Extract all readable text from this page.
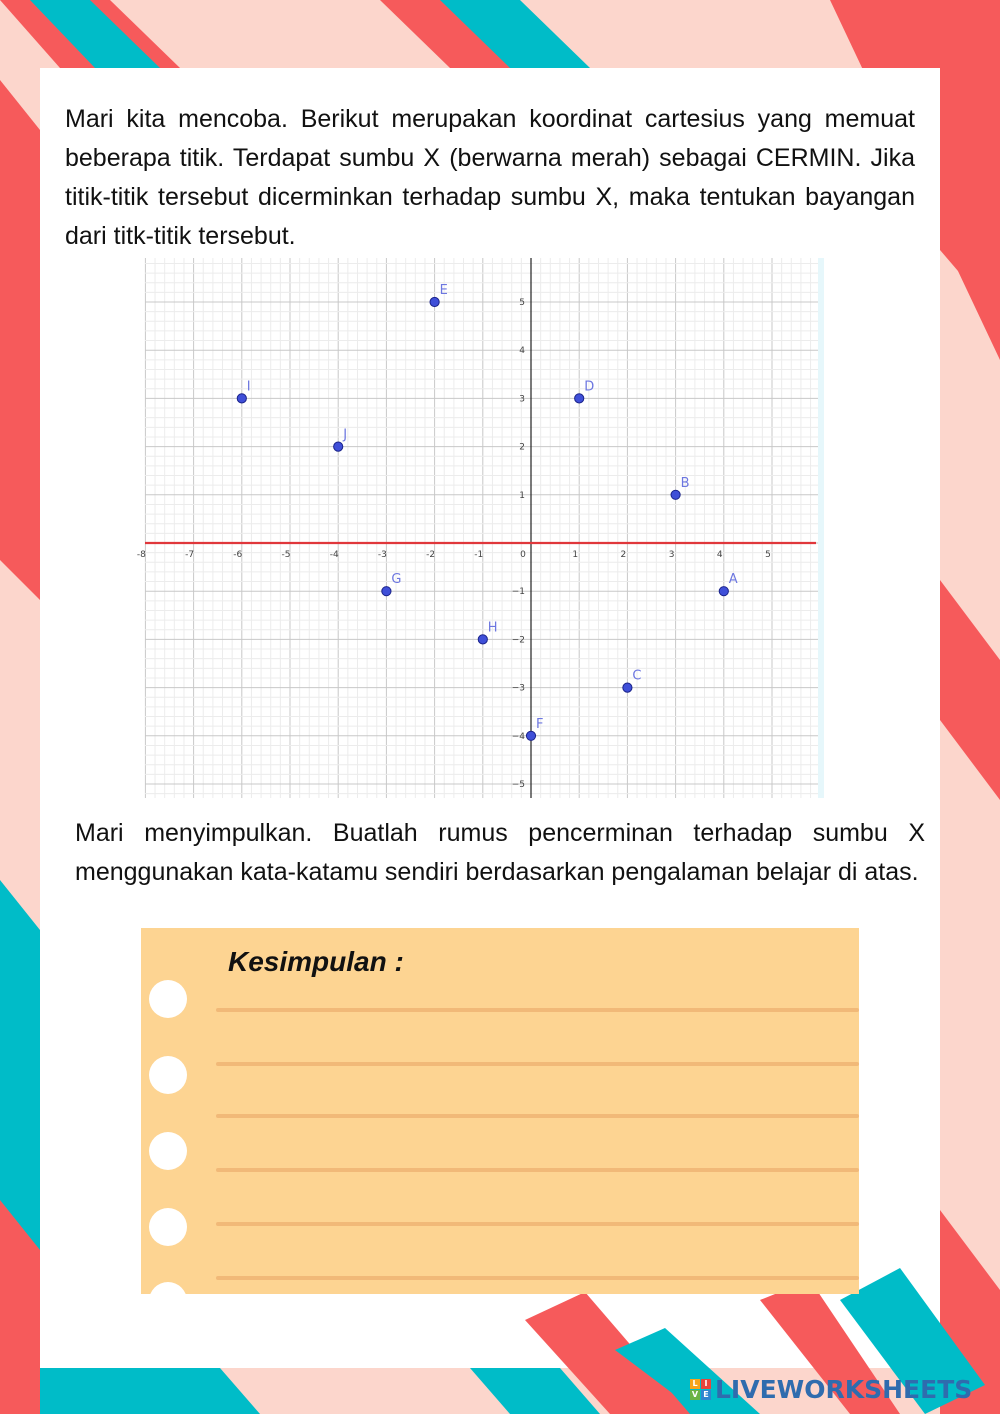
Mari kita mencoba. Berikut merupakan koordinat cartesius yang memuat beberapa titik. Terdapat sumbu X (berwarna merah) sebagai CERMIN. Jika titik-titik tersebut dicerminkan terhadap sumbu X, maka tentukan bayangan dari titk-titik tersebut.

-8	-7	-6	-5	-4	-3	-2	-1	0	1	2	3	4	5
5
4
3
2
1
−1
−2
−3
−4
−5
A
B
C
D
E
F
G
H
I
J

Mari menyimpulkan. Buatlah rumus pencerminan terhadap sumbu X menggunakan kata-katamu sendiri berdasarkan pengalaman belajar di atas.

Kesimpulan :

L I
V E LIVEWORKSHEETS
